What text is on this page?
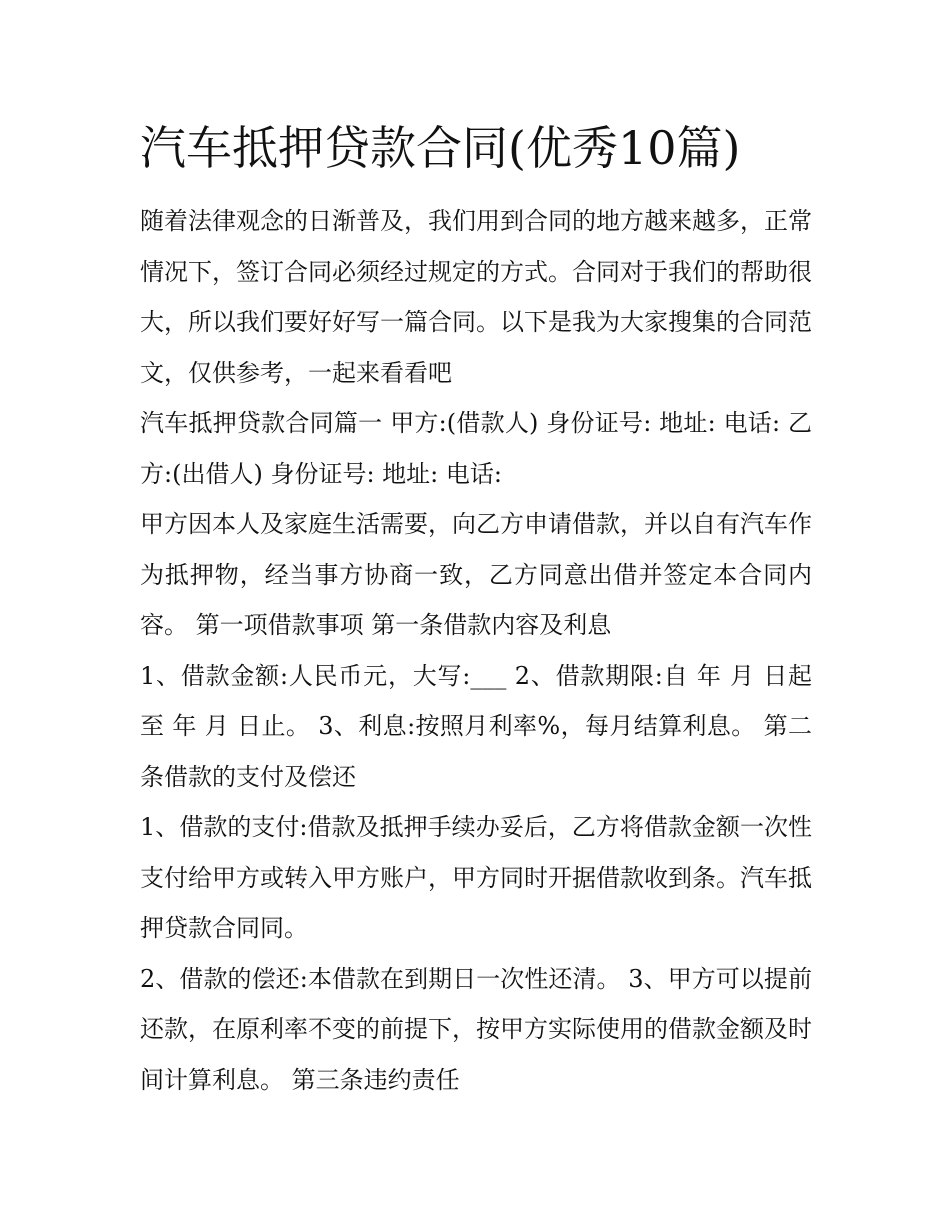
汽车抵押贷款合同(优秀10篇)

随着法律观念的日渐普及，我们用到合同的地方越来越多，正常情况下，签订合同必须经过规定的方式。合同对于我们的帮助很大，所以我们要好好写一篇合同。以下是我为大家搜集的合同范文，仅供参考，一起来看看吧

汽车抵押贷款合同篇一 甲方:(借款人) 身份证号: 地址: 电话: 乙方:(出借人) 身份证号: 地址: 电话:

甲方因本人及家庭生活需要，向乙方申请借款，并以自有汽车作为抵押物，经当事方协商一致，乙方同意出借并签定本合同内容。 第一项借款事项 第一条借款内容及利息

1、借款金额:人民币元，大写:___ 2、借款期限:自 年 月 日起至 年 月 日止。 3、利息:按照月利率%，每月结算利息。 第二条借款的支付及偿还

1、借款的支付:借款及抵押手续办妥后，乙方将借款金额一次性支付给甲方或转入甲方账户，甲方同时开据借款收到条。汽车抵押贷款合同同。

2、借款的偿还:本借款在到期日一次性还清。 3、甲方可以提前还款，在原利率不变的前提下，按甲方实际使用的借款金额及时间计算利息。 第三条违约责任
